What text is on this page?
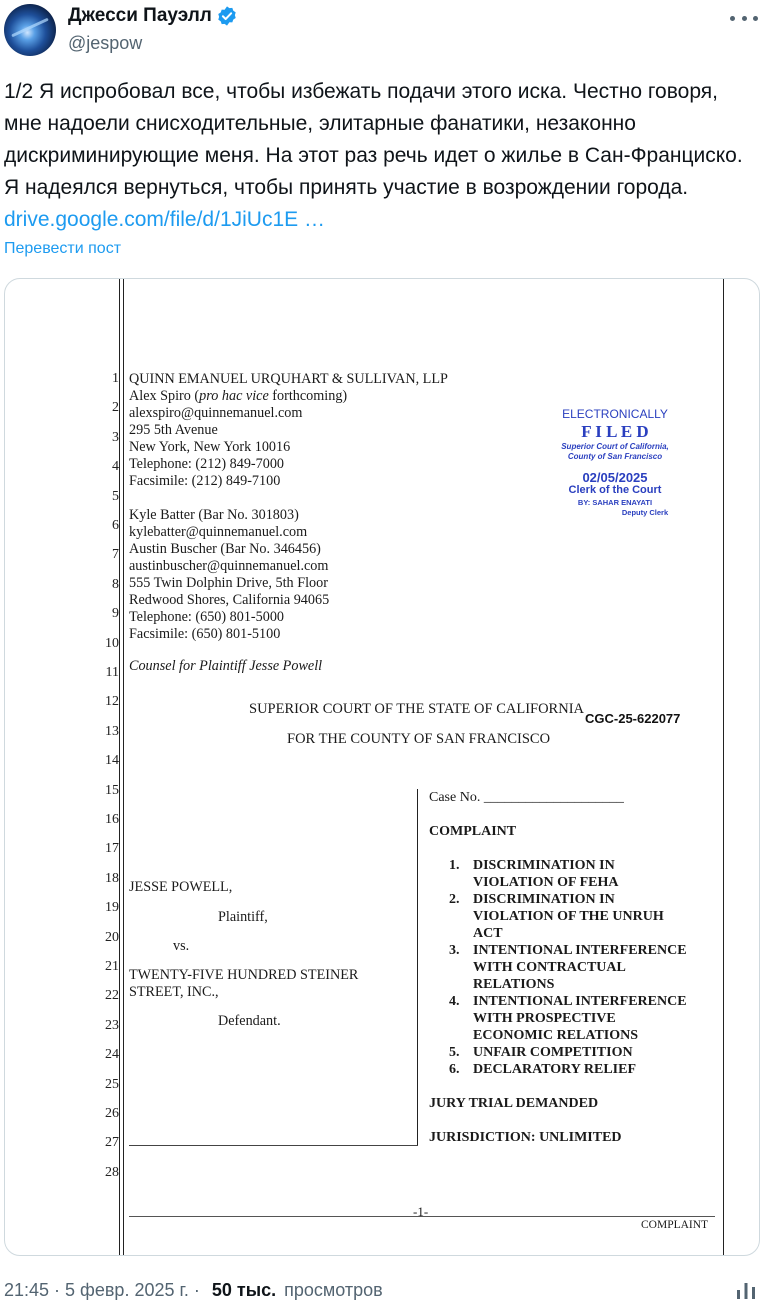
Джесси Пауэлл
@jespow
1/2 Я испробовал все, чтобы избежать подачи этого иска. Честно говоря, мне надоели снисходительные, элитарные фанатики, незаконно дискриминирующие меня. На этот раз речь идет о жилье в Сан-Франциско. Я надеялся вернуться, чтобы принять участие в возрождении города.    drive.google.com/file/d/1JiUc1E …
Перевести пост
1
2
3
4
5
6
7
8
9
10
11
12
13
14
15
16
17
18
19
20
21
22
23
24
25
26
27
28
QUINN EMANUEL URQUHART & SULLIVAN, LLP
Alex Spiro (pro hac vice forthcoming)
alexspiro@quinnemanuel.com
295 5th Avenue
New York, New York 10016
Telephone: (212) 849-7000
Facsimile: (212) 849-7100
Kyle Batter (Bar No. 301803)
kylebatter@quinnemanuel.com
Austin Buscher (Bar No. 346456)
austinbuscher@quinnemanuel.com
555 Twin Dolphin Drive, 5th Floor
Redwood Shores, California 94065
Telephone: (650) 801-5000
Facsimile: (650) 801-5100
Counsel for Plaintiff Jesse Powell
ELECTRONICALLY
F I L E D
Superior Court of California,
County of San Francisco
02/05/2025
Clerk of the Court
BY: SAHAR ENAYATI
Deputy Clerk
SUPERIOR COURT OF THE STATE OF CALIFORNIA
CGC-25-622077
FOR THE COUNTY OF SAN FRANCISCO
JESSE POWELL,
Plaintiff,
vs.
TWENTY-FIVE HUNDRED STEINER
STREET, INC.,
Defendant.
Case No. ____________________
COMPLAINT
1. DISCRIMINATION IN
VIOLATION OF FEHA
2. DISCRIMINATION IN
VIOLATION OF THE UNRUH
ACT
3. INTENTIONAL INTERFERENCE
WITH CONTRACTUAL
RELATIONS
4. INTENTIONAL INTERFERENCE
WITH PROSPECTIVE
ECONOMIC RELATIONS
5. UNFAIR COMPETITION
6. DECLARATORY RELIEF
JURY TRIAL DEMANDED
JURISDICTION: UNLIMITED
-1-
COMPLAINT
21:45 · 5 февр. 2025 г. · 50 тыс. просмотров
